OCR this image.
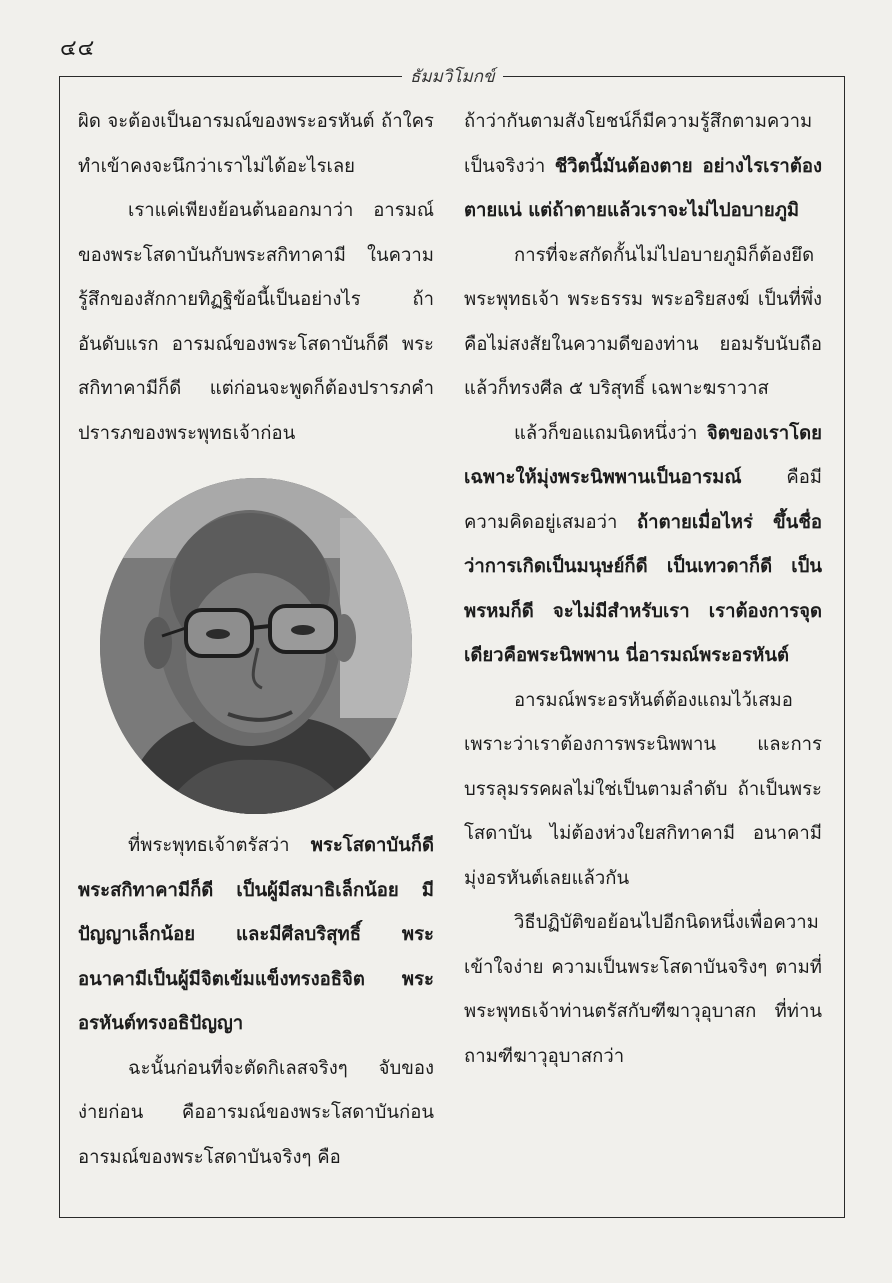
๔๔
ธัมมวิโมกข์

ผิด จะต้องเป็นอารมณ์ของพระอรหันต์ ถ้าใครทำเข้าคงจะนึกว่าเราไม่ได้อะไรเลย

เราแค่เพียงย้อนต้นออกมาว่า อารมณ์ของพระโสดาบันกับพระสกิทาคามี ในความรู้สึกของสักกายทิฏฐิข้อนี้เป็นอย่างไร ถ้าอันดับแรก อารมณ์ของพระโสดาบันก็ดี พระสกิทาคามีก็ดี แต่ก่อนจะพูดก็ต้องปรารภคำปรารภของพระพุทธเจ้าก่อน

ที่พระพุทธเจ้าตรัสว่า พระโสดาบันก็ดี พระสกิทาคามีก็ดี เป็นผู้มีสมาธิเล็กน้อย มีปัญญาเล็กน้อย และมีศีลบริสุทธิ์ พระอนาคามีเป็นผู้มีจิตเข้มแข็งทรงอธิจิต พระอรหันต์ทรงอธิปัญญา

ฉะนั้นก่อนที่จะตัดกิเลสจริงๆ จับของง่ายก่อน คืออารมณ์ของพระโสดาบันก่อน อารมณ์ของพระโสดาบันจริงๆ คือ

ถ้าว่ากันตามสังโยชน์ก็มีความรู้สึกตามความเป็นจริงว่า ชีวิตนี้มันต้องตาย อย่างไรเราต้องตายแน่ แต่ถ้าตายแล้วเราจะไม่ไปอบายภูมิ

การที่จะสกัดกั้นไม่ไปอบายภูมิก็ต้องยึดพระพุทธเจ้า พระธรรม พระอริยสงฆ์ เป็นที่พึ่ง คือไม่สงสัยในความดีของท่าน ยอมรับนับถือ แล้วก็ทรงศีล ๕ บริสุทธิ์ เฉพาะฆราวาส

แล้วก็ขอแถมนิดหนึ่งว่า จิตของเราโดยเฉพาะให้มุ่งพระนิพพานเป็นอารมณ์ คือมีความคิดอยู่เสมอว่า ถ้าตายเมื่อไหร่ ขึ้นชื่อว่าการเกิดเป็นมนุษย์ก็ดี เป็นเทวดาก็ดี เป็นพรหมก็ดี จะไม่มีสำหรับเรา เราต้องการจุดเดียวคือพระนิพพาน นี่อารมณ์พระอรหันต์

อารมณ์พระอรหันต์ต้องแถมไว้เสมอ เพราะว่าเราต้องการพระนิพพาน และการบรรลุมรรคผลไม่ใช่เป็นตามลำดับ ถ้าเป็นพระโสดาบัน ไม่ต้องห่วงใยสกิทาคามี อนาคามี มุ่งอรหันต์เลยแล้วกัน

วิธีปฏิบัติขอย้อนไปอีกนิดหนึ่งเพื่อความเข้าใจง่าย ความเป็นพระโสดาบันจริงๆ ตามที่พระพุทธเจ้าท่านตรัสกับฑีฆาวุอุบาสก ที่ท่านถามฑีฆาวุอุบาสกว่า
